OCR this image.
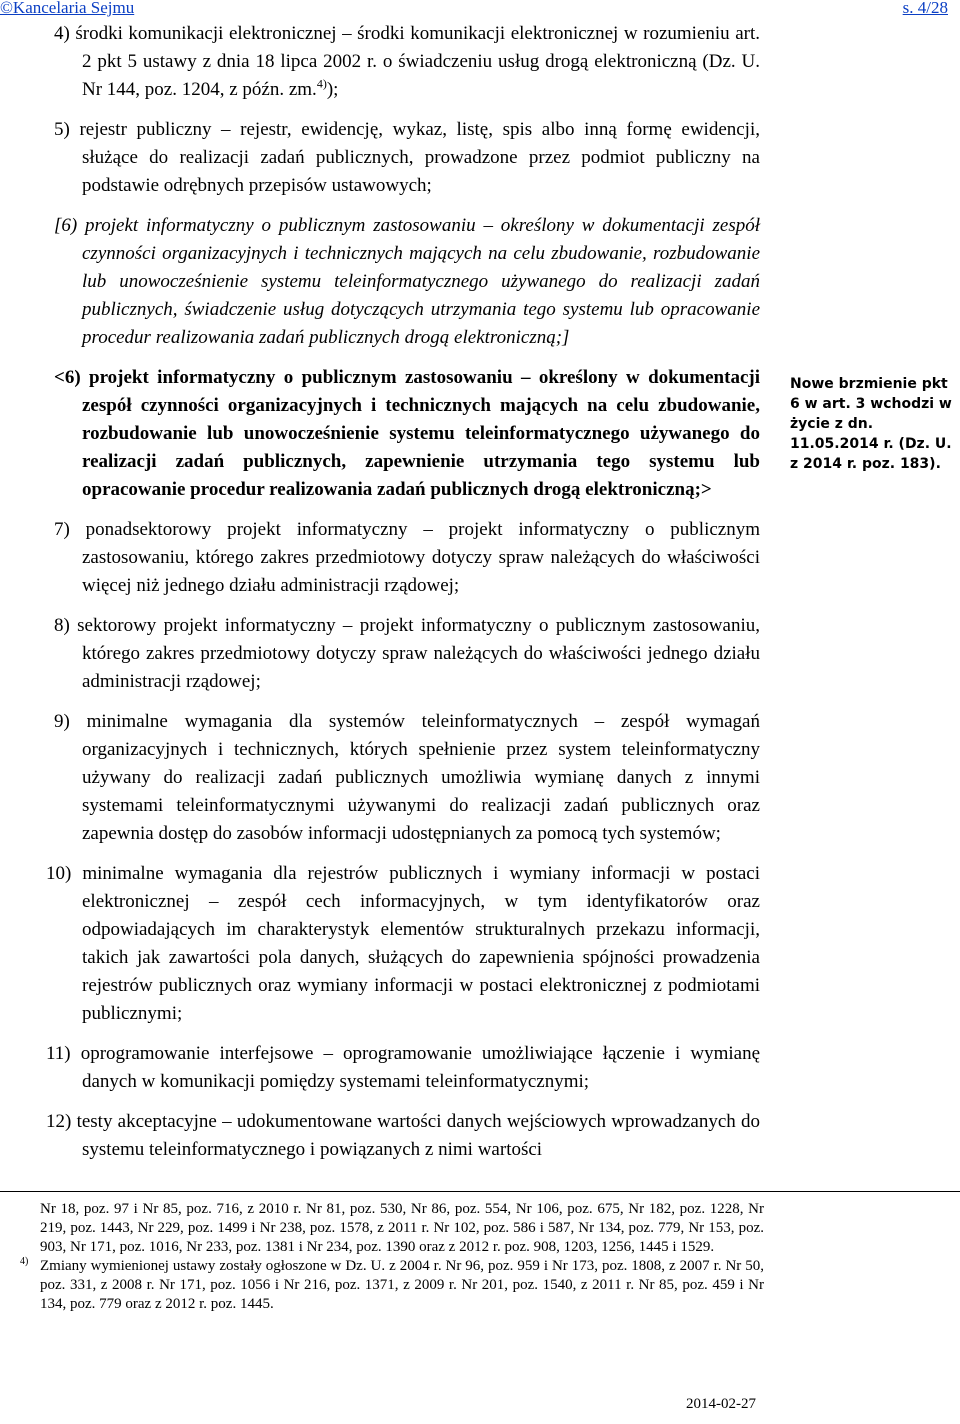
©Kancelaria Sejmu	s. 4/28
4) środki komunikacji elektronicznej – środki komunikacji elektronicznej w rozumieniu art. 2 pkt 5 ustawy z dnia 18 lipca 2002 r. o świadczeniu usług drogą elektroniczną (Dz. U. Nr 144, poz. 1204, z późn. zm.$^{4)}$);
5) rejestr publiczny – rejestr, ewidencję, wykaz, listę, spis albo inną formę ewidencji, służące do realizacji zadań publicznych, prowadzone przez podmiot publiczny na podstawie odrębnych przepisów ustawowych;
[6) projekt informatyczny o publicznym zastosowaniu – określony w dokumentacji zespół czynności organizacyjnych i technicznych mających na celu zbudowanie, rozbudowanie lub unowocześnienie systemu teleinformatycznego używanego do realizacji zadań publicznych, świadczenie usług dotyczących utrzymania tego systemu lub opracowanie procedur realizowania zadań publicznych drogą elektroniczną;]
<6) projekt informatyczny o publicznym zastosowaniu – określony w dokumentacji zespół czynności organizacyjnych i technicznych mających na celu zbudowanie, rozbudowanie lub unowocześnienie systemu teleinformatycznego używanego do realizacji zadań publicznych, zapewnienie utrzymania tego systemu lub opracowanie procedur realizowania zadań publicznych drogą elektroniczną;>
7) ponadsektorowy projekt informatyczny – projekt informatyczny o publicznym zastosowaniu, którego zakres przedmiotowy dotyczy spraw należących do właściwości więcej niż jednego działu administracji rządowej;
8) sektorowy projekt informatyczny – projekt informatyczny o publicznym zastosowaniu, którego zakres przedmiotowy dotyczy spraw należących do właściwości jednego działu administracji rządowej;
9) minimalne wymagania dla systemów teleinformatycznych – zespół wymagań organizacyjnych i technicznych, których spełnienie przez system teleinformatyczny używany do realizacji zadań publicznych umożliwia wymianę danych z innymi systemami teleinformatycznymi używanymi do realizacji zadań publicznych oraz zapewnia dostęp do zasobów informacji udostępnianych za pomocą tych systemów;
10) minimalne wymagania dla rejestrów publicznych i wymiany informacji w postaci elektronicznej – zespół cech informacyjnych, w tym identyfikatorów oraz odpowiadających im charakterystyk elementów strukturalnych przekazu informacji, takich jak zawartości pola danych, służących do zapewnienia spójności prowadzenia rejestrów publicznych oraz wymiany informacji w postaci elektronicznej z podmiotami publicznymi;
11) oprogramowanie interfejsowe – oprogramowanie umożliwiające łączenie i wymianę danych w komunikacji pomiędzy systemami teleinformatycznymi;
12) testy akceptacyjne – udokumentowane wartości danych wejściowych wprowadzanych do systemu teleinformatycznego i powiązanych z nimi wartości
Nowe brzmienie pkt 6 w art. 3 wchodzi w życie z dn. 11.05.2014 r. (Dz. U. z 2014 r. poz. 183).

Nr 18, poz. 97 i Nr 85, poz. 716, z 2010 r. Nr 81, poz. 530, Nr 86, poz. 554, Nr 106, poz. 675, Nr 182, poz. 1228, Nr 219, poz. 1443, Nr 229, poz. 1499 i Nr 238, poz. 1578, z 2011 r. Nr 102, poz. 586 i 587, Nr 134, poz. 779, Nr 153, poz. 903, Nr 171, poz. 1016, Nr 233, poz. 1381 i Nr 234, poz. 1390 oraz z 2012 r. poz. 908, 1203, 1256, 1445 i 1529.

4) Zmiany wymienionej ustawy zostały ogłoszone w Dz. U. z 2004 r. Nr 96, poz. 959 i Nr 173, poz. 1808, z 2007 r. Nr 50, poz. 331, z 2008 r. Nr 171, poz. 1056 i Nr 216, poz. 1371, z 2009 r. Nr 201, poz. 1540, z 2011 r. Nr 85, poz. 459 i Nr 134, poz. 779 oraz z 2012 r. poz. 1445.

2014-02-27
